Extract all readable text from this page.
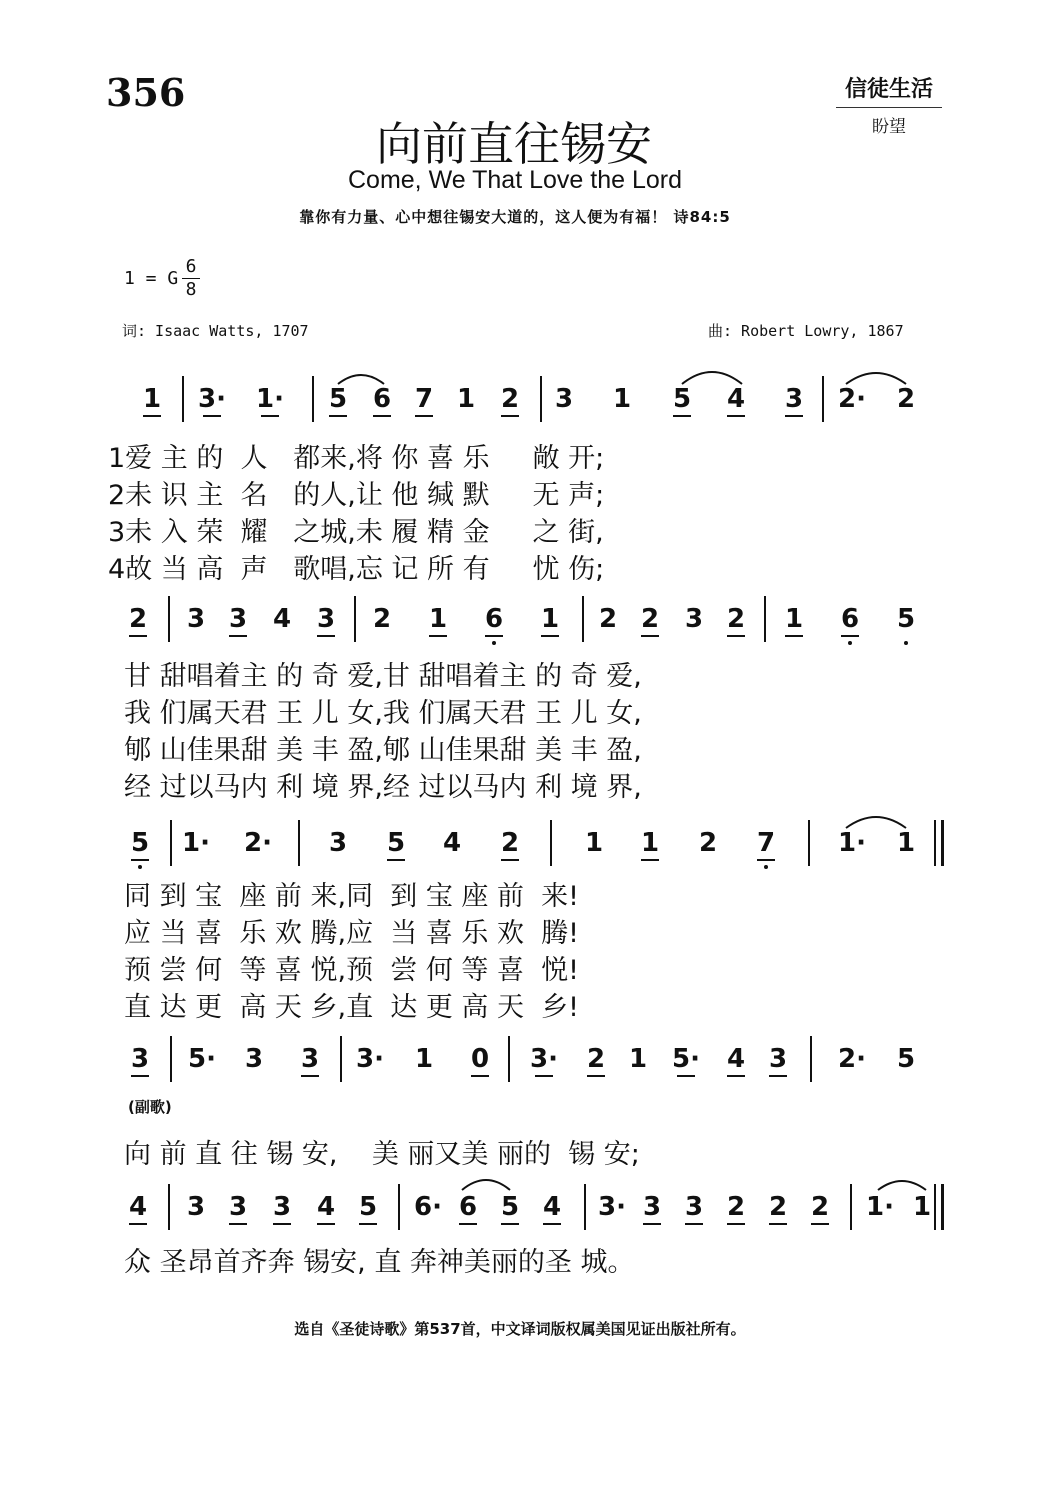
356	信徒生活
盼望
向前直往锡安
Come, We That Love the Lord
靠你有力量、心中想往锡安大道的，这人便为有福！ 诗84:5
1 = G $\frac{6}{8}$
词: Isaac Watts, 1707	曲: Robert Lowry, 1867
1	3· 1·	5 6 7 1 2	3	1	5	4	3	2·	2
1爱 主 的  人   都来,将 你 喜 乐     敞 开;
2未 识 主  名   的人,让 他 缄 默     无 声;
3未 入 荣  耀   之城,未 履 精 金     之 街,
4故 当 高  声   歌唱,忘 记 所 有     忧 伤;
2	3 3 4 3	2	1	6	1	2 2 3 2	1	6	5
甘 甜唱着主 的 奇 爱,甘 甜唱着主 的 奇 爱,
我 们属天君 王 儿 女,我 们属天君 王 儿 女,
郇 山佳果甜 美 丰 盈,郇 山佳果甜 美 丰 盈,
经 过以马内 利 境 界,经 过以马内 利 境 界,
5	1· 2·	3	5	4	2	1	1	2	7	1·	1
同 到 宝  座 前 来,同  到 宝 座 前  来!
应 当 喜  乐 欢 腾,应  当 喜 乐 欢  腾!
预 尝 何  等 喜 悦,预  尝 何 等 喜  悦!
直 达 更  高 天 乡,直  达 更 高 天  乡!
3	5·	3	3	3·	1	0	3·	2 1 5·	4 3	2·	5
向 前 直 往 锡 安,    美 丽又美 丽的  锡 安;
4	3 3 3 4 5	6· 6 5 4	3· 3 3 2 2 2	1· 1
众 圣昂首齐奔 锡安, 直 奔神美丽的圣 城。
(副歌)
选自《圣徒诗歌》第537首，中文译词版权属美国见证出版社所有。
